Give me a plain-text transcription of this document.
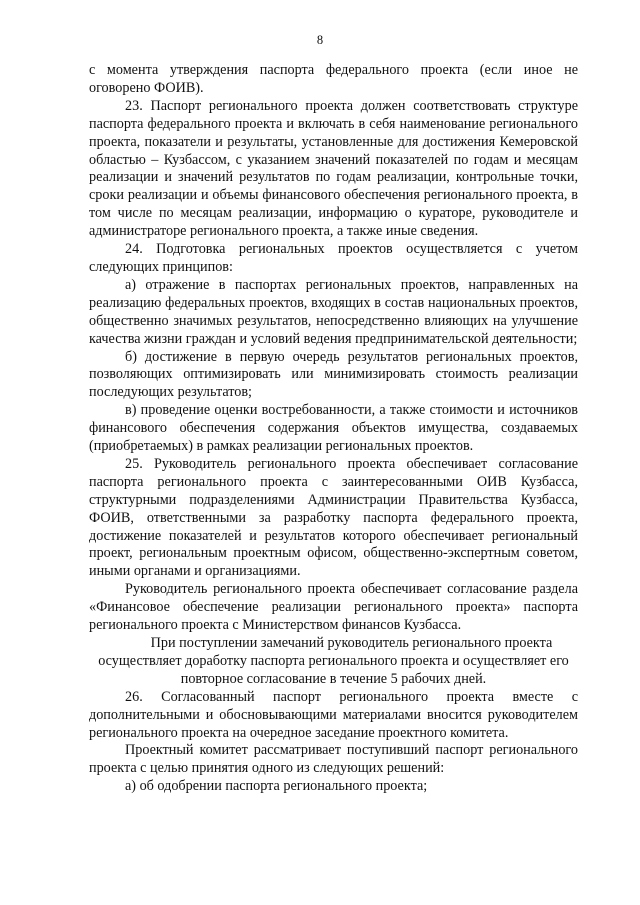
8

с момента утверждения паспорта федерального проекта (если иное не оговорено ФОИВ).

23. Паспорт регионального проекта должен соответствовать структуре паспорта федерального проекта и включать в себя наименование регионального проекта, показатели и результаты, установленные для достижения Кемеровской областью – Кузбассом, с указанием значений показателей по годам и месяцам реализации и значений результатов по годам реализации, контрольные точки, сроки реализации и объемы финансового обеспечения регионального проекта, в том числе по месяцам реализации, информацию о кураторе, руководителе и администраторе регионального проекта, а также иные сведения.

24. Подготовка региональных проектов осуществляется с учетом следующих принципов:

а) отражение в паспортах региональных проектов, направленных на реализацию федеральных проектов, входящих в состав национальных проектов, общественно значимых результатов, непосредственно влияющих на улучшение качества жизни граждан и условий ведения предпринимательской деятельности;

б) достижение в первую очередь результатов региональных проектов, позволяющих оптимизировать или минимизировать стоимость реализации последующих результатов;

в) проведение оценки востребованности, а также стоимости и источников финансового обеспечения содержания объектов имущества, создаваемых (приобретаемых) в рамках реализации региональных проектов.

25. Руководитель регионального проекта обеспечивает согласование паспорта регионального проекта с заинтересованными ОИВ Кузбасса, структурными подразделениями Администрации Правительства Кузбасса, ФОИВ, ответственными за разработку паспорта федерального проекта, достижение показателей и результатов которого обеспечивает региональный проект, региональным проектным офисом, общественно-экспертным советом, иными органами и организациями.

Руководитель регионального проекта обеспечивает согласование раздела «Финансовое обеспечение реализации регионального проекта» паспорта регионального проекта с Министерством финансов Кузбасса.

При поступлении замечаний руководитель регионального проекта осуществляет доработку паспорта регионального проекта и осуществляет его повторное согласование в течение 5 рабочих дней.

26. Согласованный паспорт регионального проекта вместе с дополнительными и обосновывающими материалами вносится руководителем регионального проекта на очередное заседание проектного комитета.

Проектный комитет рассматривает поступивший паспорт регионального проекта с целью принятия одного из следующих решений:

а) об одобрении паспорта регионального проекта;
